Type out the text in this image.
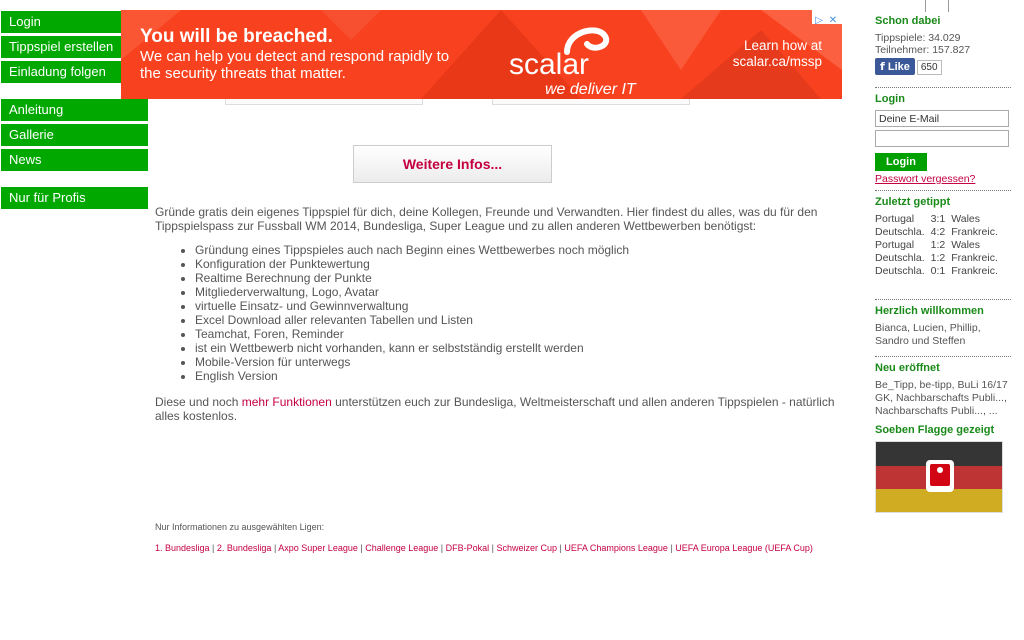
Login
Tippspiel erstellen
Einladung folgen
Anleitung
Gallerie
News
Nur für Profis
You will be breached.
We can help you detect and respond rapidly to the security threats that matter.	scalar
we deliver IT
Learn how at
scalar.ca/mssp
▷ ✕
Weitere Infos...
Gründe gratis dein eigenes Tippspiel für dich, deine Kollegen, Freunde und Verwandten. Hier findest du alles, was du für den Tippspielspass zur Fussball WM 2014, Bundesliga, Super League und zu allen anderen Wettbewerben benötigst:
• Gründung eines Tippspieles auch nach Beginn eines Wettbewerbes noch möglich
• Konfiguration der Punktewertung
• Realtime Berechnung der Punkte
• Mitgliederverwaltung, Logo, Avatar
• virtuelle Einsatz- und Gewinnverwaltung
• Excel Download aller relevanten Tabellen und Listen
• Teamchat, Foren, Reminder
• ist ein Wettbewerb nicht vorhanden, kann er selbstständig erstellt werden
• Mobile-Version für unterwegs
• English Version
Diese und noch mehr Funktionen unterstützen euch zur Bundesliga, Weltmeisterschaft und allen anderen Tippspielen - natürlich alles kostenlos.
Nur Informationen zu ausgewählten Ligen:
1. Bundesliga | 2. Bundesliga | Axpo Super League | Challenge League | DFB-Pokal | Schweizer Cup | UEFA Champions League | UEFA Europa League (UEFA Cup)
Schon dabei
Tippspiele: 34.029
Teilnehmer: 157.827
f Like 650
Login
Deine E-Mail
Login
Passwort vergessen?
Zuletzt getippt
Portugal	3:1	Wales
Deutschla.	4:2	Frankreic.
Portugal	1:2	Wales
Deutschla.	1:2	Frankreic.
Deutschla.	0:1	Frankreic.
Herzlich willkommen
Bianca, Lucien, Phillip, Sandro und Steffen
Neu eröffnet
Be_Tipp, be-tipp, BuLi 16/17 GK, Nachbarschafts Publi..., Nachbarschafts Publi..., ...
Soeben Flagge gezeigt
